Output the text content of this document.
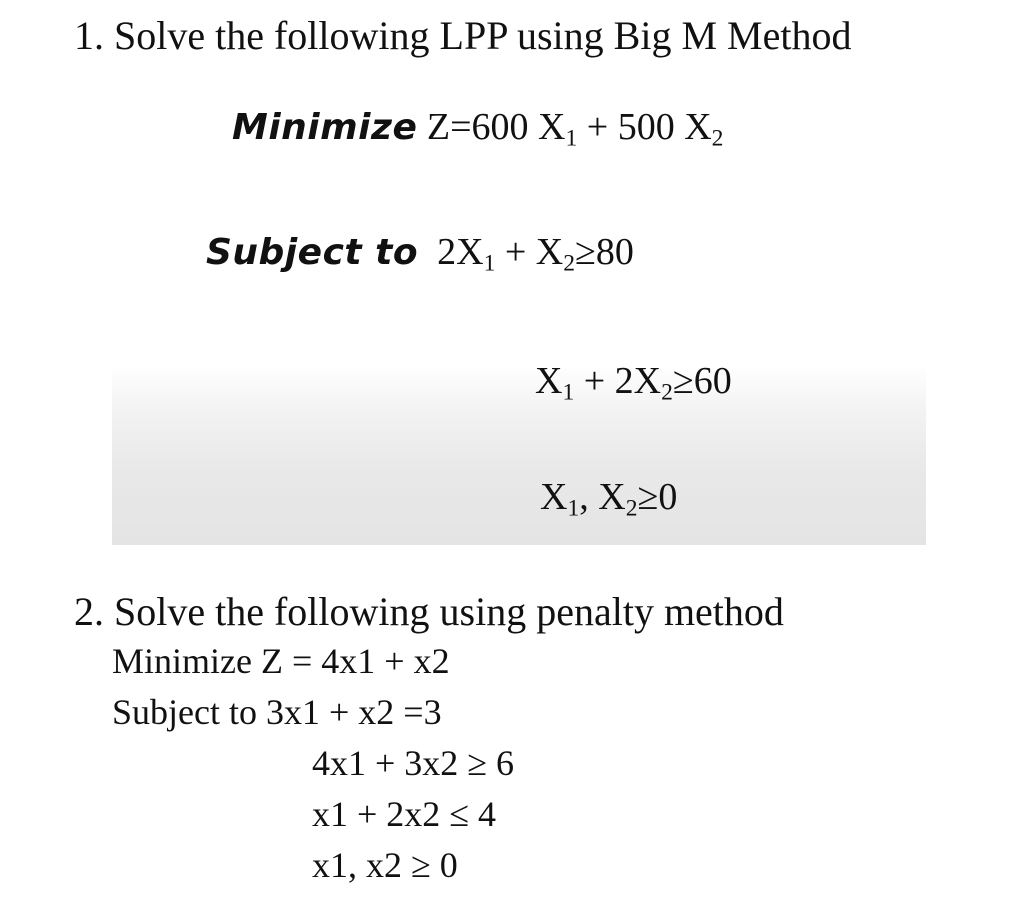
1. Solve the following LPP using Big M Method
Minimize Z=600 $X_1 + 500$ $X_2$
Subject to $2X_1 + X_2\ge 80$
$X_1 + 2X_2\ge 60$
$X_1$, $X_2\ge 0$
2. Solve the following using penalty method
Minimize Z = 4x1 + x2
Subject to 3x1 + x2 =3
4x1 + 3x2 ≥ 6
x1 + 2x2 ≤ 4
x1, x2 ≥ 0
